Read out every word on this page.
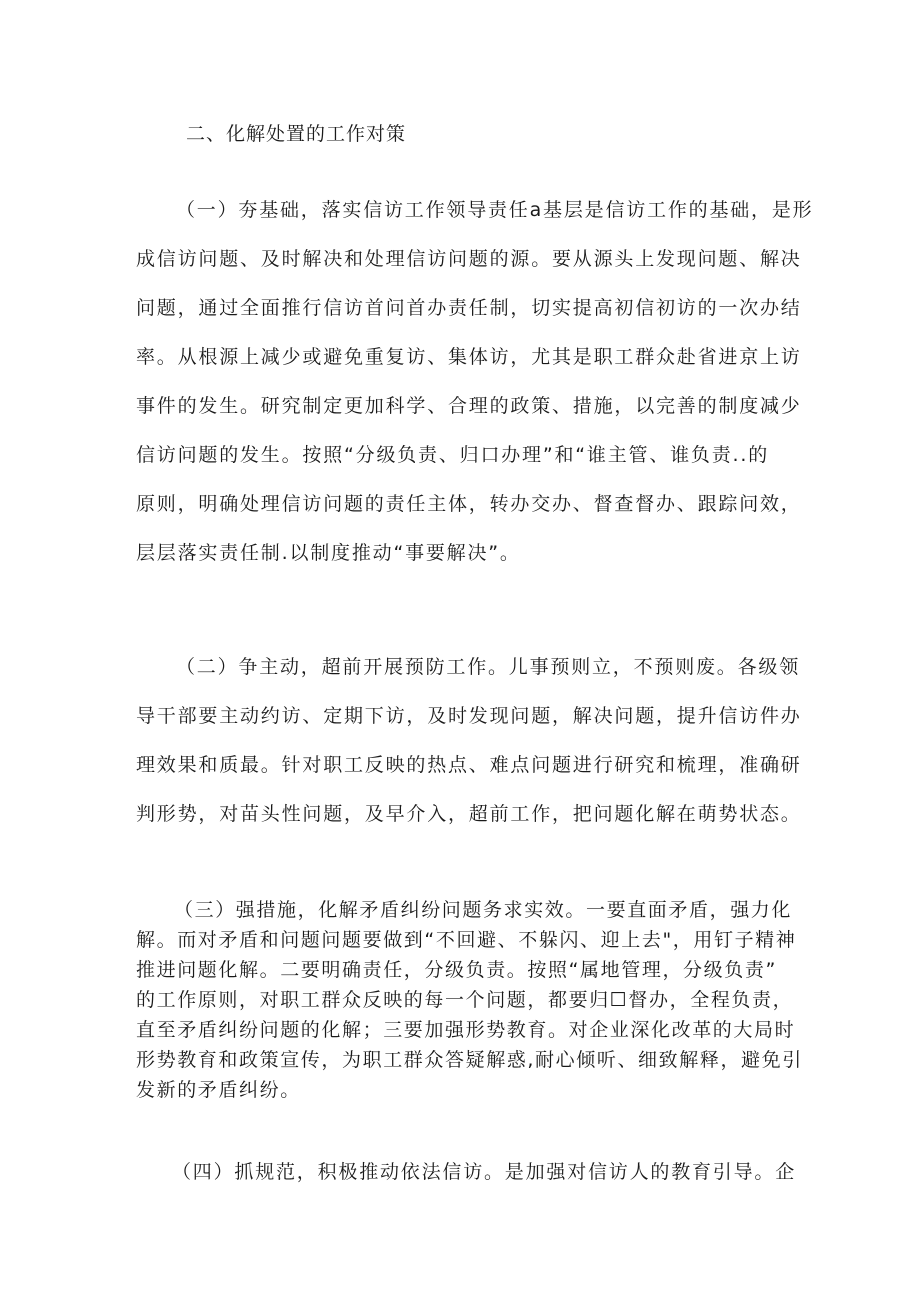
二、化解处置的工作对策

（一）夯基础，落实信访工作领导责任a基层是信访工作的基础，是形
成信访问题、及时解决和处理信访问题的源。要从源头上发现问题、解决
问题，通过全面推行信访首问首办责任制，切实提高初信初访的一次办结
率。从根源上减少或避免重复访、集体访，尤其是职工群众赴省进京上访
事件的发生。研究制定更加科学、合理的政策、措施，以完善的制度减少
信访问题的发生。按照“分级负责、归口办理”和“谁主管、谁负责..的
原则，明确处理信访问题的责任主体，转办交办、督查督办、跟踪问效，
层层落实责任制.以制度推动“事要解决”。

（二）争主动，超前开展预防工作。儿事预则立，不预则废。各级领
导干部要主动约访、定期下访，及时发现问题，解决问题，提升信访件办
理效果和质最。针对职工反映的热点、难点问题进行研究和梳理，准确研
判形势，对苗头性问题，及早介入，超前工作，把问题化解在萌势状态。

（三）强措施，化解矛盾纠纷问题务求实效。一要直面矛盾，强力化
解。而对矛盾和问题问题要做到“不回避、不躲闪、迎上去"，用钉子精神
推进问题化解。二要明确责任，分级负责。按照“属地管理，分级负责”
的工作原则，对职工群众反映的每一个问题，都要归☐督办，全程负责，
直至矛盾纠纷问题的化解；三要加强形势教育。对企业深化改革的大局时
形势教育和政策宣传，为职工群众答疑解惑,耐心倾听、细致解释，避免引
发新的矛盾纠纷。

（四）抓规范，积极推动依法信访。是加强对信访人的教育引导。企
